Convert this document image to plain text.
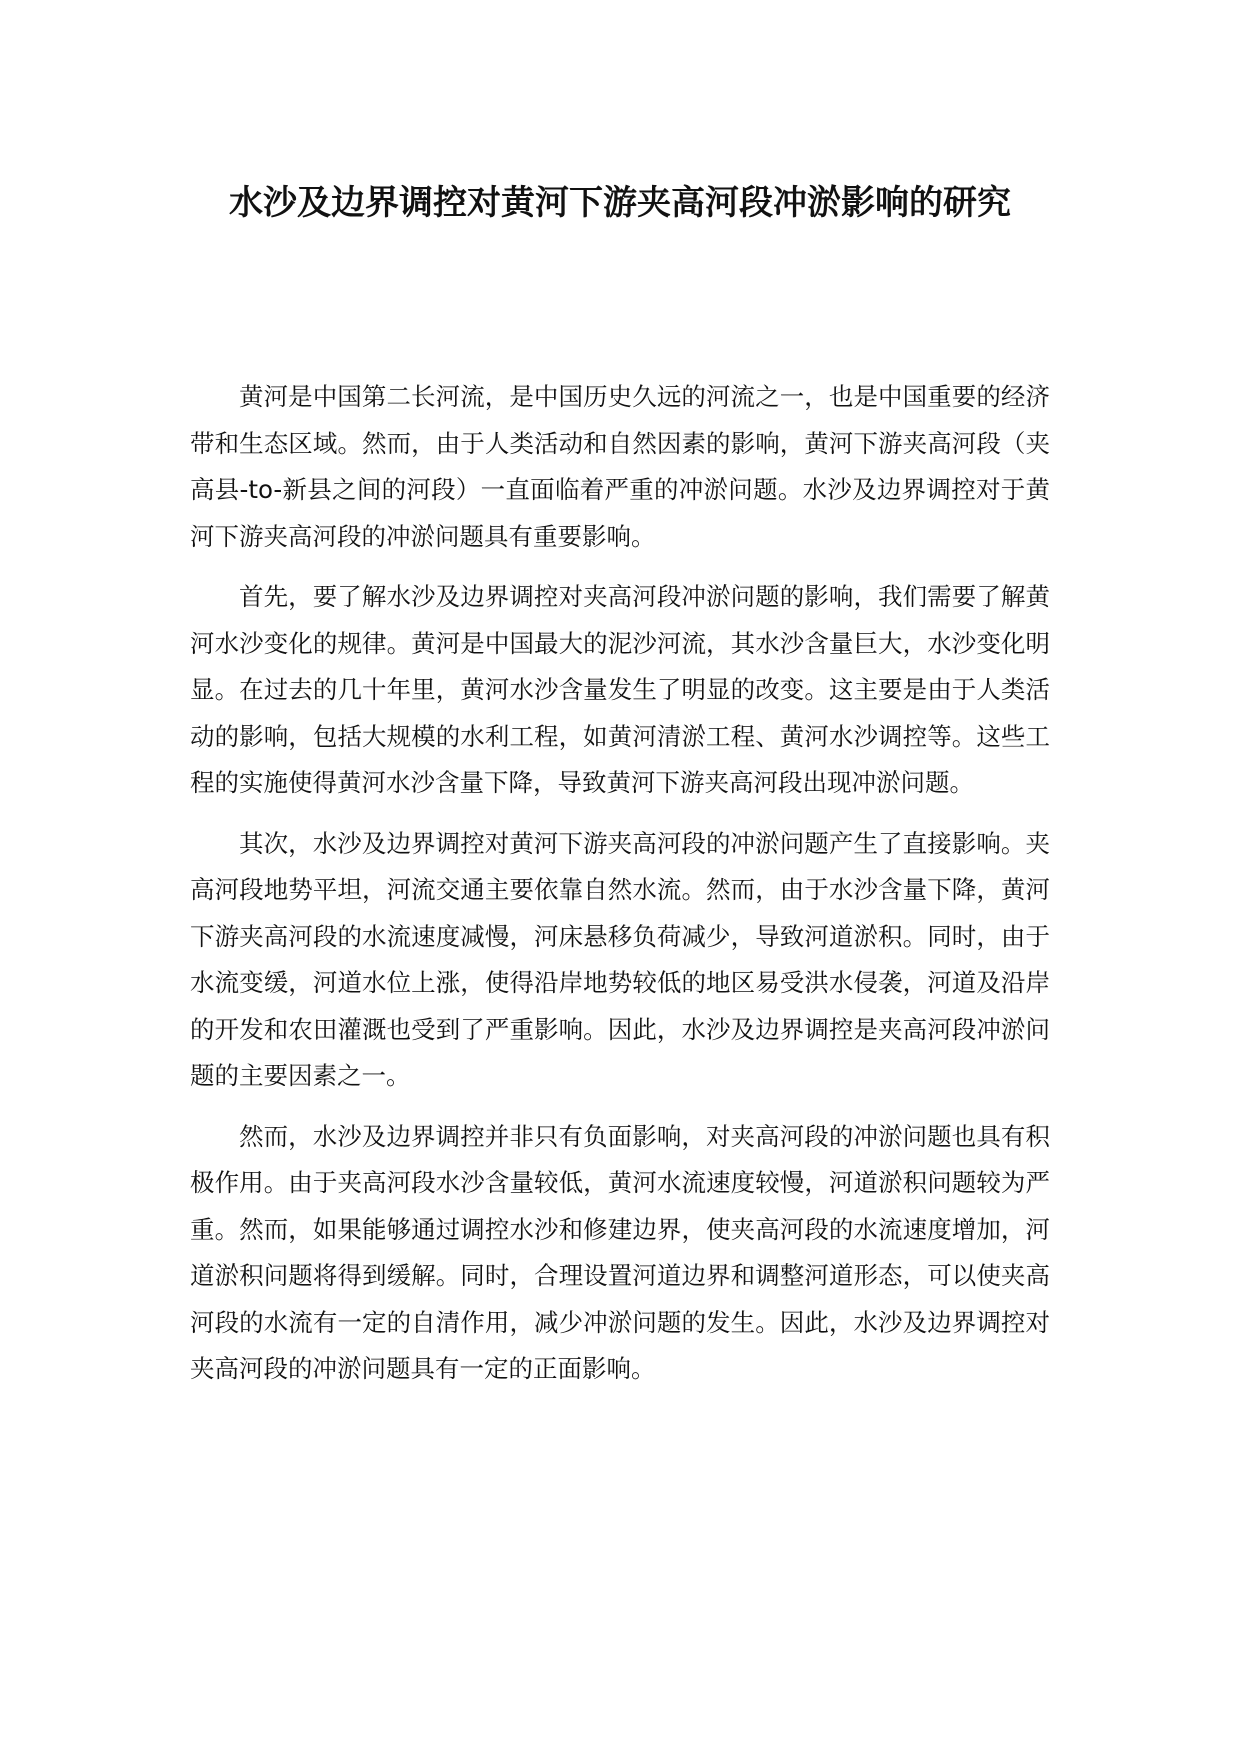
水沙及边界调控对黄河下游夹高河段冲淤影响的研究

黄河是中国第二长河流，是中国历史久远的河流之一，也是中国重要的经济带和生态区域。然而，由于人类活动和自然因素的影响，黄河下游夹高河段（夹高县-to-新县之间的河段）一直面临着严重的冲淤问题。水沙及边界调控对于黄河下游夹高河段的冲淤问题具有重要影响。

首先，要了解水沙及边界调控对夹高河段冲淤问题的影响，我们需要了解黄河水沙变化的规律。黄河是中国最大的泥沙河流，其水沙含量巨大，水沙变化明显。在过去的几十年里，黄河水沙含量发生了明显的改变。这主要是由于人类活动的影响，包括大规模的水利工程，如黄河清淤工程、黄河水沙调控等。这些工程的实施使得黄河水沙含量下降，导致黄河下游夹高河段出现冲淤问题。

其次，水沙及边界调控对黄河下游夹高河段的冲淤问题产生了直接影响。夹高河段地势平坦，河流交通主要依靠自然水流。然而，由于水沙含量下降，黄河下游夹高河段的水流速度减慢，河床悬移负荷减少，导致河道淤积。同时，由于水流变缓，河道水位上涨，使得沿岸地势较低的地区易受洪水侵袭，河道及沿岸的开发和农田灌溉也受到了严重影响。因此，水沙及边界调控是夹高河段冲淤问题的主要因素之一。

然而，水沙及边界调控并非只有负面影响，对夹高河段的冲淤问题也具有积极作用。由于夹高河段水沙含量较低，黄河水流速度较慢，河道淤积问题较为严重。然而，如果能够通过调控水沙和修建边界，使夹高河段的水流速度增加，河道淤积问题将得到缓解。同时，合理设置河道边界和调整河道形态，可以使夹高河段的水流有一定的自清作用，减少冲淤问题的发生。因此，水沙及边界调控对夹高河段的冲淤问题具有一定的正面影响。
